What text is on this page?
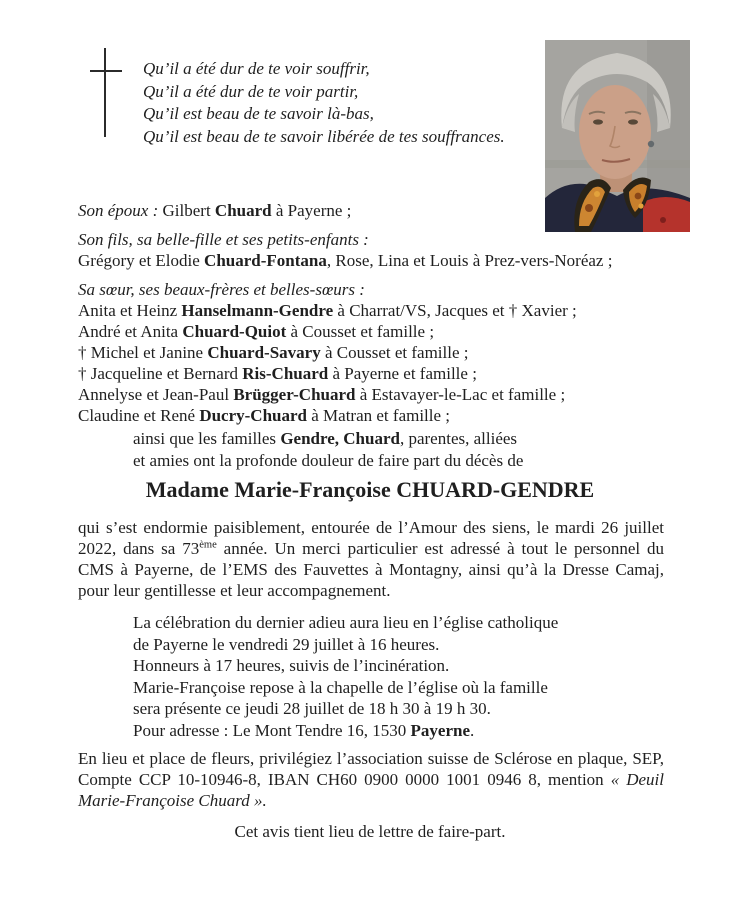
Qu’il a été dur de te voir souffrir,
Qu’il a été dur de te voir partir,
Qu’il est beau de te savoir là-bas,
Qu’il est beau de te savoir libérée de tes souffrances.
Son époux : Gilbert Chuard à Payerne ;
Son fils, sa belle-fille et ses petits-enfants :
Grégory et Elodie Chuard-Fontana, Rose, Lina et Louis à Prez-vers-Noréaz ;
Sa sœur, ses beaux-frères et belles-sœurs :
Anita et Heinz Hanselmann-Gendre à Charrat/VS, Jacques et † Xavier ;
André et Anita Chuard-Quiot à Cousset et famille ;
† Michel et Janine Chuard-Savary à Cousset et famille ;
† Jacqueline et Bernard Ris-Chuard à Payerne et famille ;
Annelyse et Jean-Paul Brügger-Chuard à Estavayer-le-Lac et famille ;
Claudine et René Ducry-Chuard à Matran et famille ;
ainsi que les familles Gendre, Chuard, parentes, alliées
et amies ont la profonde douleur de faire part du décès de
Madame Marie-Françoise CHUARD-GENDRE
qui s’est endormie paisiblement, entourée de l’Amour des siens, le mardi 26 juillet 2022, dans sa 73ème année. Un merci particulier est adressé à tout le personnel du CMS à Payerne, de l’EMS des Fauvettes à Montagny, ainsi qu’à la Dresse Camaj, pour leur gentillesse et leur accompagnement.
La célébration du dernier adieu aura lieu en l’église catholique
de Payerne le vendredi 29 juillet à 16 heures.
Honneurs à 17 heures, suivis de l’incinération.
Marie-Françoise repose à la chapelle de l’église où la famille
sera présente ce jeudi 28 juillet de 18 h 30 à 19 h 30.
Pour adresse : Le Mont Tendre 16, 1530 Payerne.
En lieu et place de fleurs, privilégiez l’association suisse de Sclérose en plaque, SEP, Compte CCP 10-10946-8, IBAN CH60 0900 0000 1001 0946 8, mention « Deuil Marie-Françoise Chuard ».
Cet avis tient lieu de lettre de faire-part.
